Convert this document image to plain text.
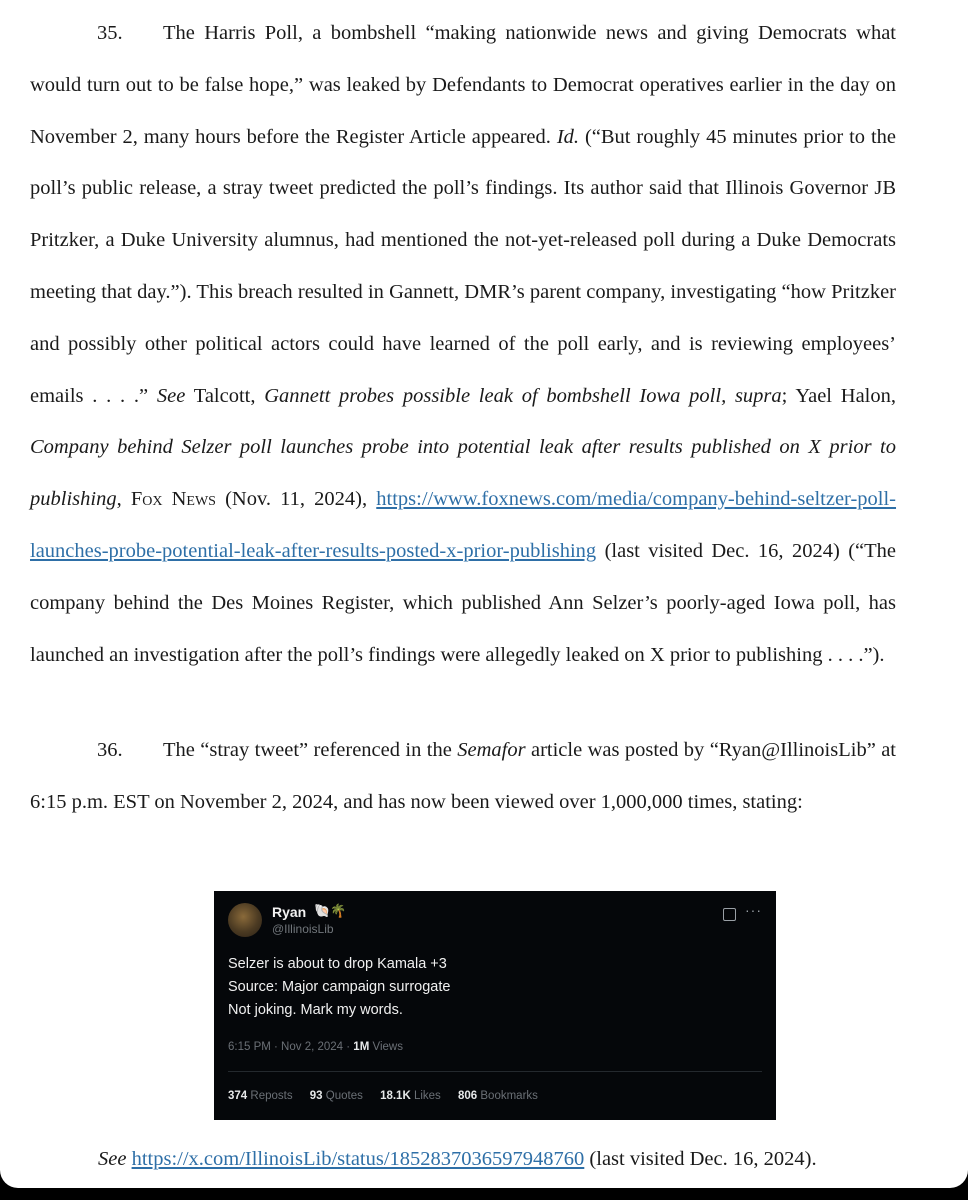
35. The Harris Poll, a bombshell “making nationwide news and giving Democrats what would turn out to be false hope,” was leaked by Defendants to Democrat operatives earlier in the day on November 2, many hours before the Register Article appeared. Id. (“But roughly 45 minutes prior to the poll’s public release, a stray tweet predicted the poll’s findings. Its author said that Illinois Governor JB Pritzker, a Duke University alumnus, had mentioned the not-yet-released poll during a Duke Democrats meeting that day.”). This breach resulted in Gannett, DMR’s parent company, investigating “how Pritzker and possibly other political actors could have learned of the poll early, and is reviewing employees’ emails . . . .” See Talcott, Gannett probes possible leak of bombshell Iowa poll, supra; Yael Halon, Company behind Selzer poll launches probe into potential leak after results published on X prior to publishing, Fox News (Nov. 11, 2024), https://www.foxnews.com/media/company-behind-seltzer-poll-launches-probe-potential-leak-after-results-posted-x-prior-publishing (last visited Dec. 16, 2024) (“The company behind the Des Moines Register, which published Ann Selzer’s poorly-aged Iowa poll, has launched an investigation after the poll’s findings were allegedly leaked on X prior to publishing . . . .”).

36. The “stray tweet” referenced in the Semafor article was posted by “Ryan@IllinoisLib” at 6:15 p.m. EST on November 2, 2024, and has now been viewed over 1,000,000 times, stating:

Ryan 🐚🌴
@IllinoisLib
···
Selzer is about to drop Kamala +3
Source: Major campaign surrogate
Not joking. Mark my words.
6:15 PM · Nov 2, 2024 · 1M Views
374 Reposts 93 Quotes 18.1K Likes 806 Bookmarks
See https://x.com/IllinoisLib/status/1852837036597948760 (last visited Dec. 16, 2024).
